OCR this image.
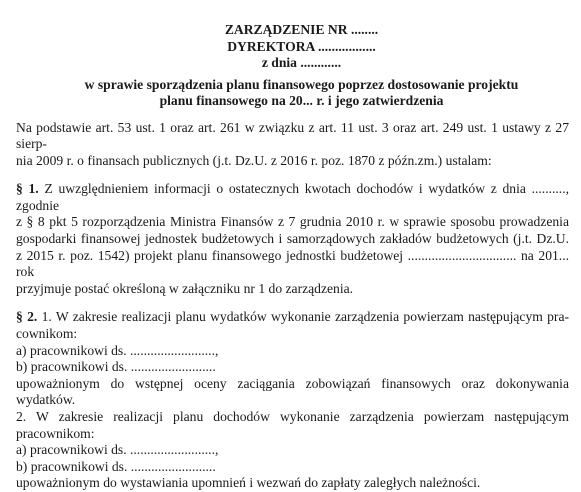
ZARZĄDZENIE NR ........
DYREKTORA .................
z dnia ............
w sprawie sporządzenia planu finansowego poprzez dostosowanie projektu
planu finansowego na 20... r. i jego zatwierdzenia
Na podstawie art. 53 ust. 1 oraz art. 261 w związku z art. 11 ust. 3 oraz art. 249 ust. 1 ustawy z 27 sierp-
nia 2009 r. o finansach publicznych (j.t. Dz.U. z 2016 r. poz. 1870 z późn.zm.) ustalam:
§ 1. Z uwzględnieniem informacji o ostatecznych kwotach dochodów i wydatków z dnia .........., zgodnie
z § 8 pkt 5 rozporządzenia Ministra Finansów z 7 grudnia 2010 r. w sprawie sposobu prowadzenia
gospodarki finansowej jednostek budżetowych i samorządowych zakładów budżetowych (j.t. Dz.U.
z 2015 r. poz. 1542) projekt planu finansowego jednostki budżetowej ................................ na 201... rok
przyjmuje postać określoną w załączniku nr 1 do zarządzenia.
§ 2. 1. W zakresie realizacji planu wydatków wykonanie zarządzenia powierzam następującym pra-
cownikom:
a) pracownikowi ds. .........................,
b) pracownikowi ds. .........................
upoważnionym do wstępnej oceny zaciągania zobowiązań finansowych oraz dokonywania wydatków.
2. W zakresie realizacji planu dochodów wykonanie zarządzenia powierzam następującym pracownikom:
a) pracownikowi ds. .........................,
b) pracownikowi ds. .........................
upoważnionym do wystawiania upomnień i wezwań do zapłaty zaległych należności.
